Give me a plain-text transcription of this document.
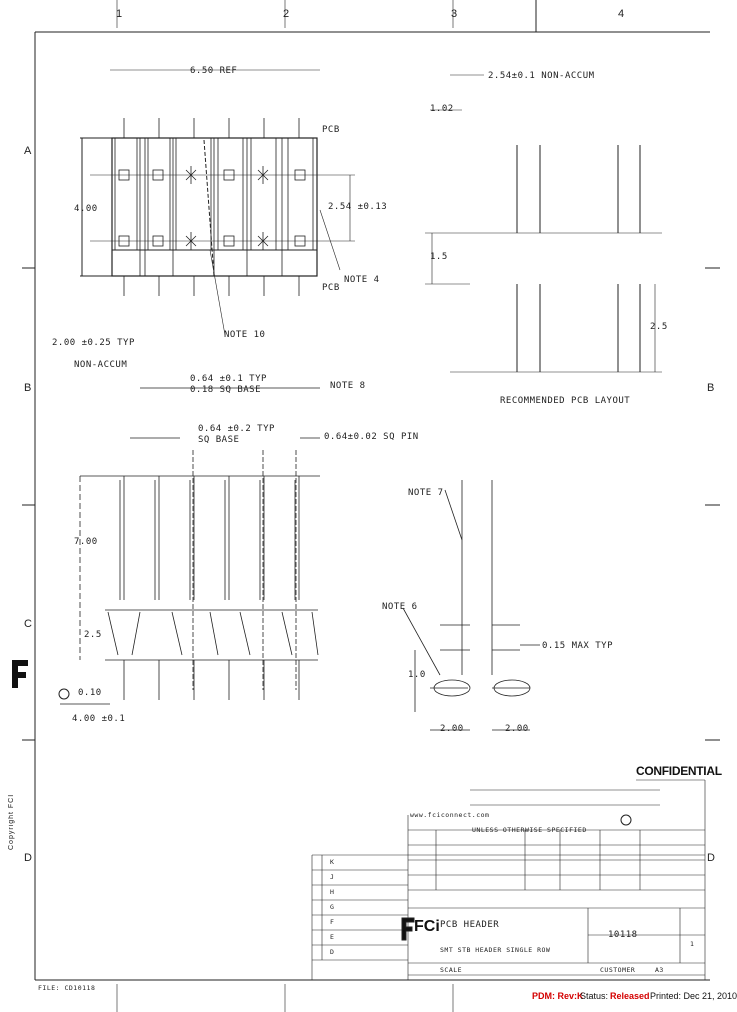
1	2	3	4
A
B
C
D
B
D
6.50 REF
4.00
PCB
PCB
2.54 ±0.13
NOTE 4
NOTE 10
2.00 ±0.25 TYP
NON-ACCUM
2.54±0.1 NON-ACCUM
1.02
1.5
2.5
RECOMMENDED PCB LAYOUT
0.64 ±0.1 TYP
0.18 SQ BASE	NOTE 8
0.64 ±0.2 TYP
SQ BASE	0.64±0.02 SQ PIN
7.00
2.5
0.10
4.00 ±0.1
NOTE 7
NOTE 6
0.15 MAX TYP
2.00	2.00
1.0
CONFIDENTIAL
www.fciconnect.com
UNLESS OTHERWISE SPECIFIED
K
J
H
G
F
E
D
PCB HEADER
SMT STB HEADER SINGLE ROW
10118
1
CUSTOMER
SCALE	A3
FCi
Copyright FCI
FILE: CD10118
PDM: Rev:K
Status: Released Printed: Dec 21, 2010
